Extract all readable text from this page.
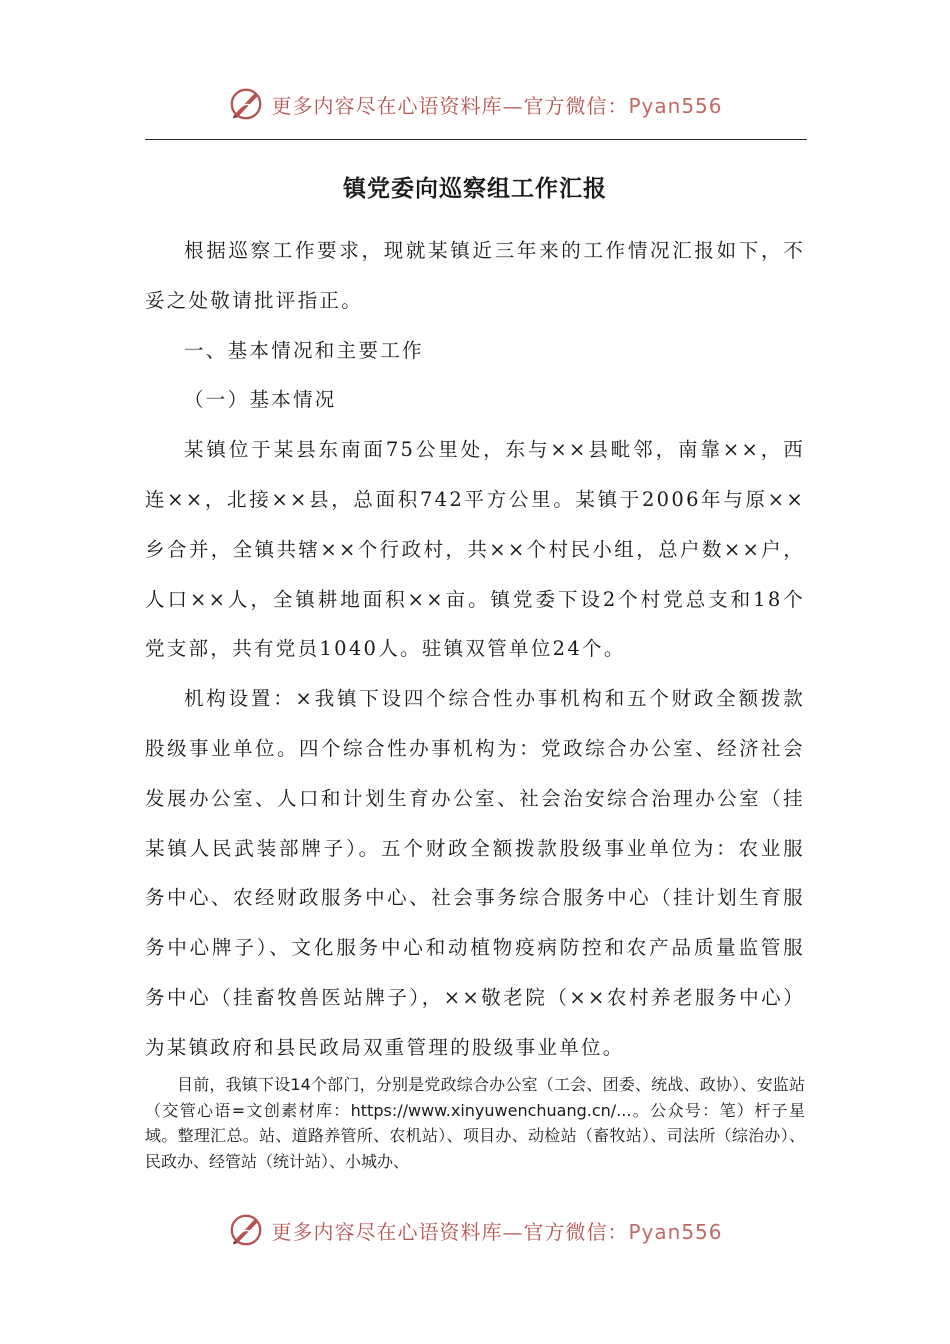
更多内容尽在心语资料库—官方微信：Pyan556
镇党委向巡察组工作汇报

根据巡察工作要求，现就某镇近三年来的工作情况汇报如下，不妥之处敬请批评指正。

一、基本情况和主要工作

（一）基本情况

某镇位于某县东南面75公里处，东与××县毗邻，南靠××，西连××，北接××县，总面积742平方公里。某镇于2006年与原××乡合并，全镇共辖××个行政村，共××个村民小组，总户数××户，人口××人，全镇耕地面积××亩。镇党委下设2个村党总支和18个党支部，共有党员1040人。驻镇双管单位24个。

机构设置：×我镇下设四个综合性办事机构和五个财政全额拨款股级事业单位。四个综合性办事机构为：党政综合办公室、经济社会发展办公室、人口和计划生育办公室、社会治安综合治理办公室（挂某镇人民武装部牌子）。五个财政全额拨款股级事业单位为：农业服务中心、农经财政服务中心、社会事务综合服务中心（挂计划生育服务中心牌子）、文化服务中心和动植物疫病防控和农产品质量监管服务中心（挂畜牧兽医站牌子），××敬老院（××农村养老服务中心）为某镇政府和县民政局双重管理的股级事业单位。

目前，我镇下设14个部门，分别是党政综合办公室（工会、团委、统战、政协）、安监站（交管心语=文创素材库：https://www.xinyuwenchuang.cn/...。公众号：笔）杆子星域。整理汇总。站、道路养管所、农机站）、项目办、动检站（畜牧站）、司法所（综治办）、民政办、经管站（统计站）、小城办、
更多内容尽在心语资料库—官方微信：Pyan556
